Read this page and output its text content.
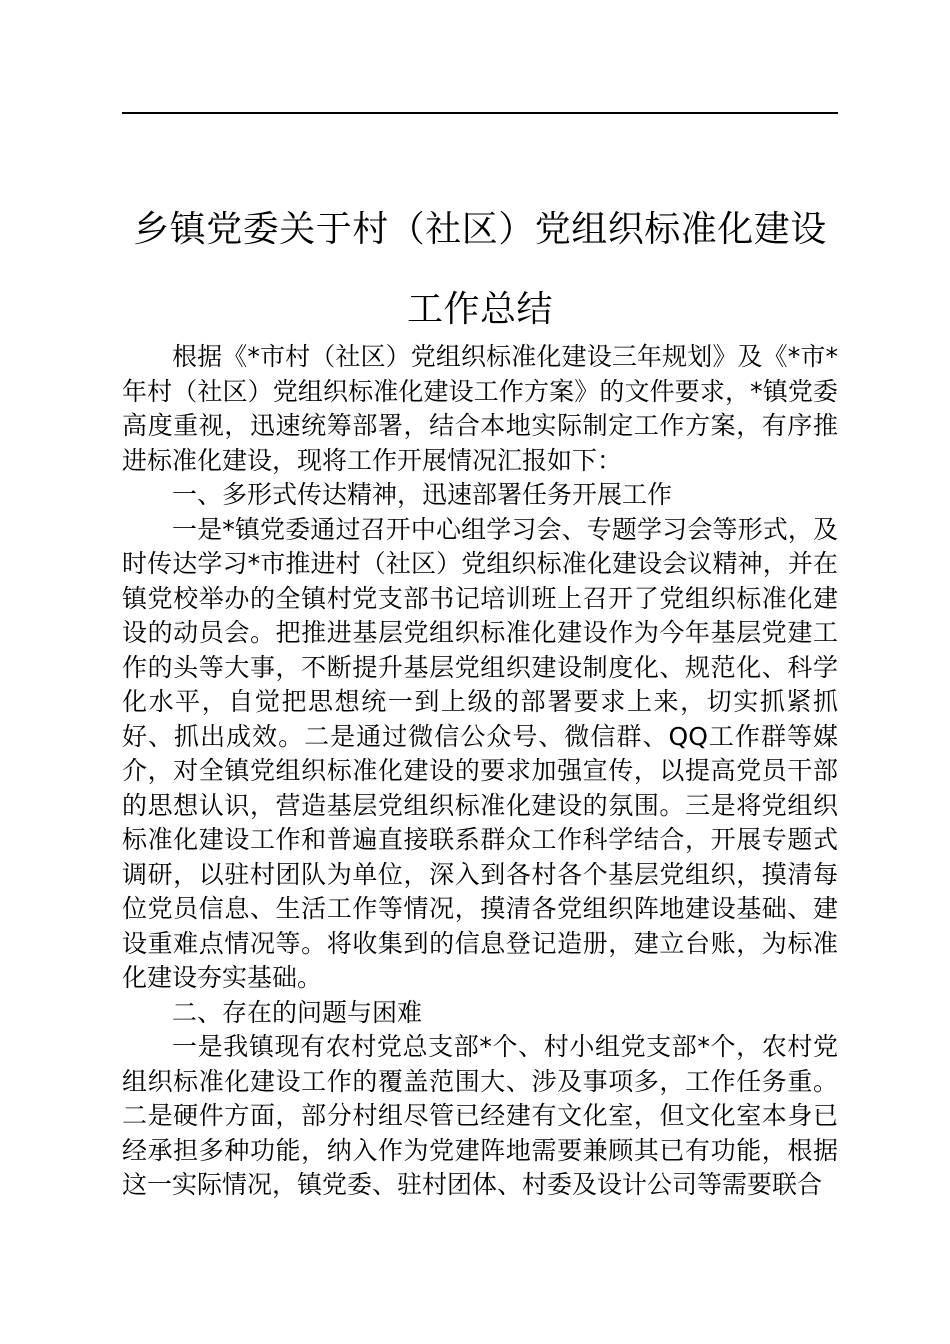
乡镇党委关于村（社区）党组织标准化建设工作总结

根据《*市村（社区）党组织标准化建设三年规划》及《*市*年村（社区）党组织标准化建设工作方案》的文件要求，*镇党委高度重视，迅速统筹部署，结合本地实际制定工作方案，有序推进标准化建设，现将工作开展情况汇报如下：

一、多形式传达精神，迅速部署任务开展工作

一是*镇党委通过召开中心组学习会、专题学习会等形式，及时传达学习*市推进村（社区）党组织标准化建设会议精神，并在镇党校举办的全镇村党支部书记培训班上召开了党组织标准化建设的动员会。把推进基层党组织标准化建设作为今年基层党建工作的头等大事，不断提升基层党组织建设制度化、规范化、科学化水平，自觉把思想统一到上级的部署要求上来，切实抓紧抓好、抓出成效。二是通过微信公众号、微信群、QQ工作群等媒介，对全镇党组织标准化建设的要求加强宣传，以提高党员干部的思想认识，营造基层党组织标准化建设的氛围。三是将党组织标准化建设工作和普遍直接联系群众工作科学结合，开展专题式调研，以驻村团队为单位，深入到各村各个基层党组织，摸清每位党员信息、生活工作等情况，摸清各党组织阵地建设基础、建设重难点情况等。将收集到的信息登记造册，建立台账，为标准化建设夯实基础。

二、存在的问题与困难

一是我镇现有农村党总支部*个、村小组党支部*个，农村党组织标准化建设工作的覆盖范围大、涉及事项多，工作任务重。二是硬件方面，部分村组尽管已经建有文化室，但文化室本身已经承担多种功能，纳入作为党建阵地需要兼顾其已有功能，根据这一实际情况，镇党委、驻村团体、村委及设计公司等需要联合
